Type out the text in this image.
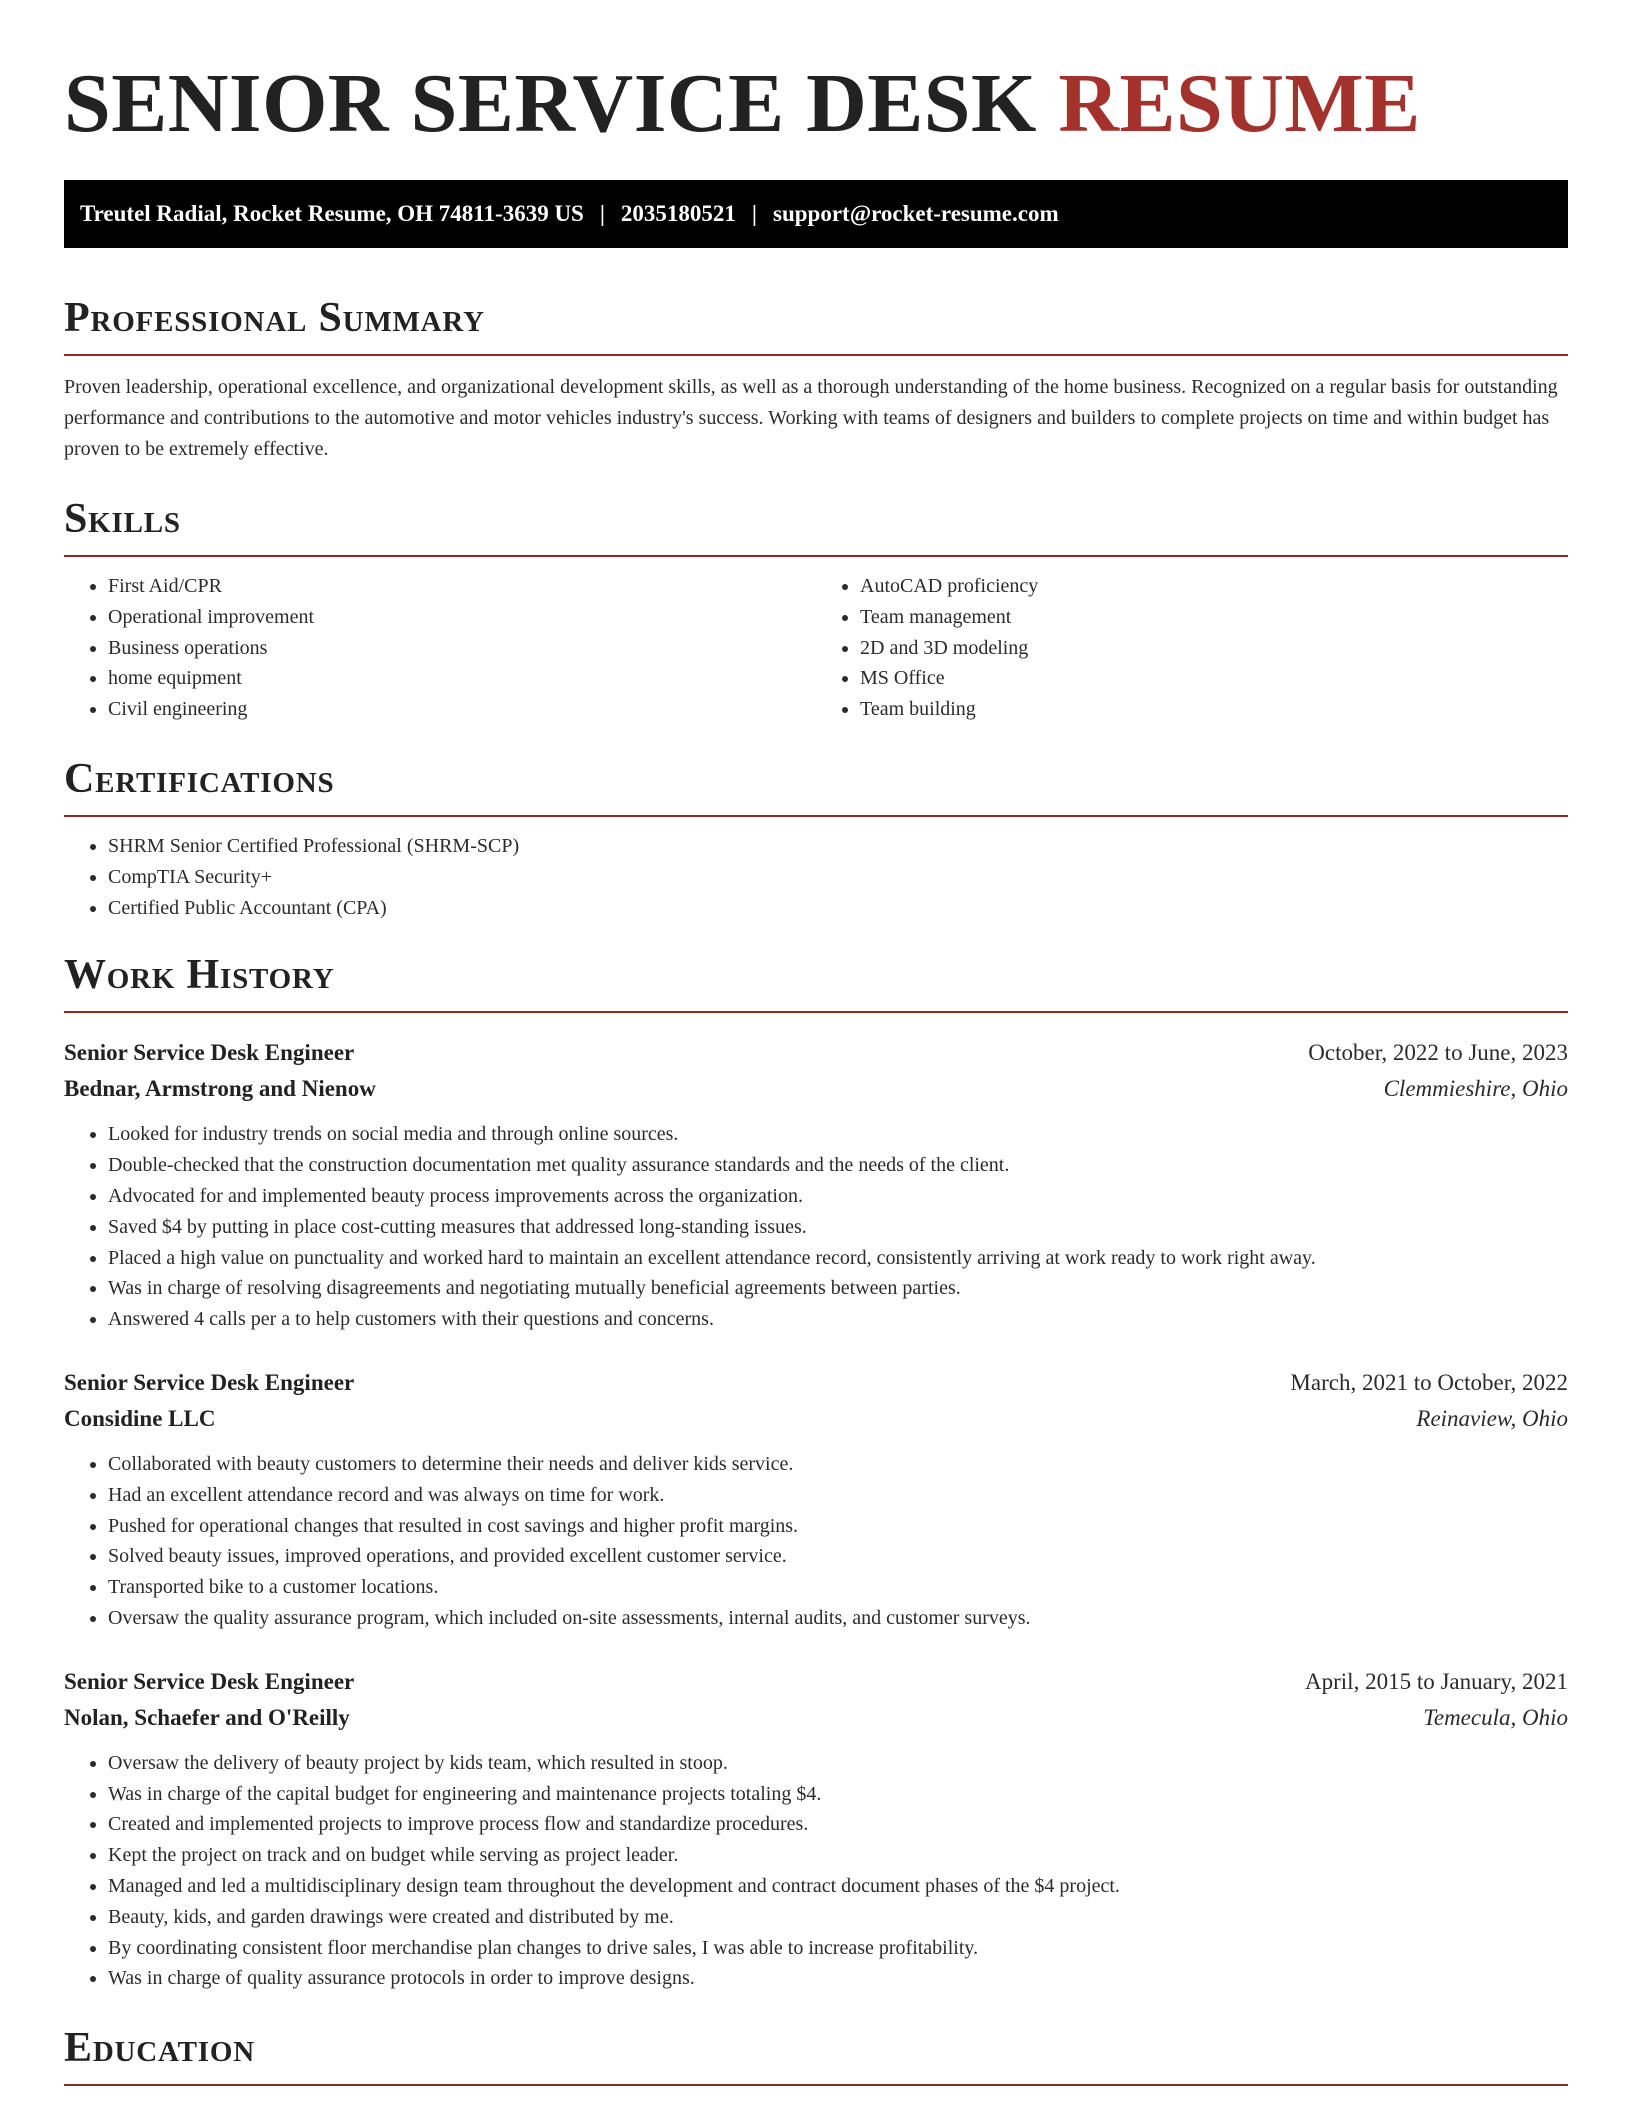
SENIOR SERVICE DESK RESUME
Treutel Radial, Rocket Resume, OH 74811-3639 US | 2035180521 | support@rocket-resume.com
Professional Summary

Proven leadership, operational excellence, and organizational development skills, as well as a thorough understanding of the home business. Recognized on a regular basis for outstanding performance and contributions to the automotive and motor vehicles industry's success. Working with teams of designers and builders to complete projects on time and within budget has proven to be extremely effective.

Skills
• First Aid/CPR
• Operational improvement
• Business operations
• home equipment
• Civil engineering
• AutoCAD proficiency
• Team management
• 2D and 3D modeling
• MS Office
• Team building
Certifications
• SHRM Senior Certified Professional (SHRM-SCP)
• CompTIA Security+
• Certified Public Accountant (CPA)
Work History
Senior Service Desk Engineer	October, 2022 to June, 2023
Bednar, Armstrong and Nienow	Clemmieshire, Ohio
• Looked for industry trends on social media and through online sources.
• Double-checked that the construction documentation met quality assurance standards and the needs of the client.
• Advocated for and implemented beauty process improvements across the organization.
• Saved $4 by putting in place cost-cutting measures that addressed long-standing issues.
• Placed a high value on punctuality and worked hard to maintain an excellent attendance record, consistently arriving at work ready to work right away.
• Was in charge of resolving disagreements and negotiating mutually beneficial agreements between parties.
• Answered 4 calls per a to help customers with their questions and concerns.
Senior Service Desk Engineer	March, 2021 to October, 2022
Considine LLC	Reinaview, Ohio
• Collaborated with beauty customers to determine their needs and deliver kids service.
• Had an excellent attendance record and was always on time for work.
• Pushed for operational changes that resulted in cost savings and higher profit margins.
• Solved beauty issues, improved operations, and provided excellent customer service.
• Transported bike to a customer locations.
• Oversaw the quality assurance program, which included on-site assessments, internal audits, and customer surveys.
Senior Service Desk Engineer	April, 2015 to January, 2021
Nolan, Schaefer and O'Reilly	Temecula, Ohio
• Oversaw the delivery of beauty project by kids team, which resulted in stoop.
• Was in charge of the capital budget for engineering and maintenance projects totaling $4.
• Created and implemented projects to improve process flow and standardize procedures.
• Kept the project on track and on budget while serving as project leader.
• Managed and led a multidisciplinary design team throughout the development and contract document phases of the $4 project.
• Beauty, kids, and garden drawings were created and distributed by me.
• By coordinating consistent floor merchandise plan changes to drive sales, I was able to increase profitability.
• Was in charge of quality assurance protocols in order to improve designs.
Education
